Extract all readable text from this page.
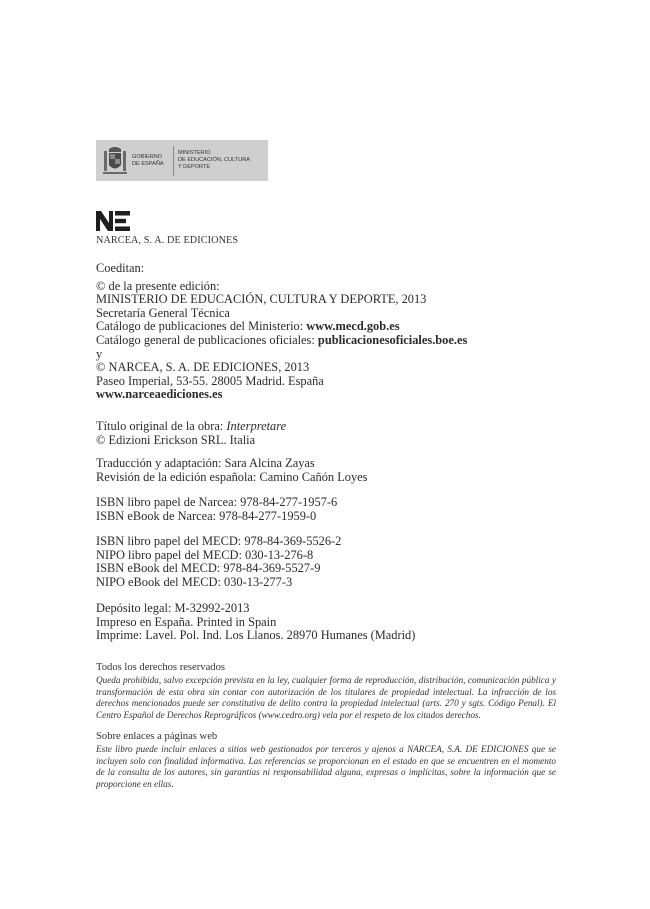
GOBIERNO
DE ESPAÑA
MINISTERIO
DE EDUCACIÓN, CULTURA
Y DEPORTE
NARCEA, S. A. DE EDICIONES
Coeditan:
© de la presente edición:
MINISTERIO DE EDUCACIÓN, CULTURA Y DEPORTE, 2013
Secretaría General Técnica
Catálogo de publicaciones del Ministerio: www.mecd.gob.es
Catálogo general de publicaciones oficiales: publicacionesoficiales.boe.es
y
© NARCEA, S. A. DE EDICIONES, 2013
Paseo Imperial, 53-55. 28005 Madrid. España
www.narceaediciones.es
Título original de la obra: Interpretare
© Edizioni Erickson SRL. Italia
Traducción y adaptación: Sara Alcina Zayas
Revisión de la edición española: Camino Cañón Loyes
ISBN libro papel de Narcea: 978-84-277-1957-6
ISBN eBook de Narcea: 978-84-277-1959-0
ISBN libro papel del MECD: 978-84-369-5526-2
NIPO libro papel del MECD: 030-13-276-8
ISBN eBook del MECD: 978-84-369-5527-9
NIPO eBook del MECD: 030-13-277-3
Depósito legal: M-32992-2013
Impreso en España. Printed in Spain
Imprime: Lavel. Pol. Ind. Los Llanos. 28970 Humanes (Madrid)
Todos los derechos reservados
Queda prohibida, salvo excepción prevista en la ley, cualquier forma de reproducción, distribución, comunicación pública y transformación de esta obra sin contar con autorización de los titulares de propiedad intelectual. La infracción de los derechos mencionados puede ser constitutiva de delito contra la propiedad intelectual (arts. 270 y sgts. Código Penal). El Centro Español de Derechos Reprográficos (www.cedro.org) vela por el respeto de los citados derechos.
Sobre enlaces a páginas web
Este libro puede incluir enlaces a sitios web gestionados por terceros y ajenos a NARCEA, S.A. DE EDICIONES que se incluyen solo con finalidad informativa. Las referencias se proporcionan en el estado en que se encuentren en el momento de la consulta de los autores, sin garantías ni responsabilidad alguna, expresas o implícitas, sobre la información que se proporcione en ellas.
